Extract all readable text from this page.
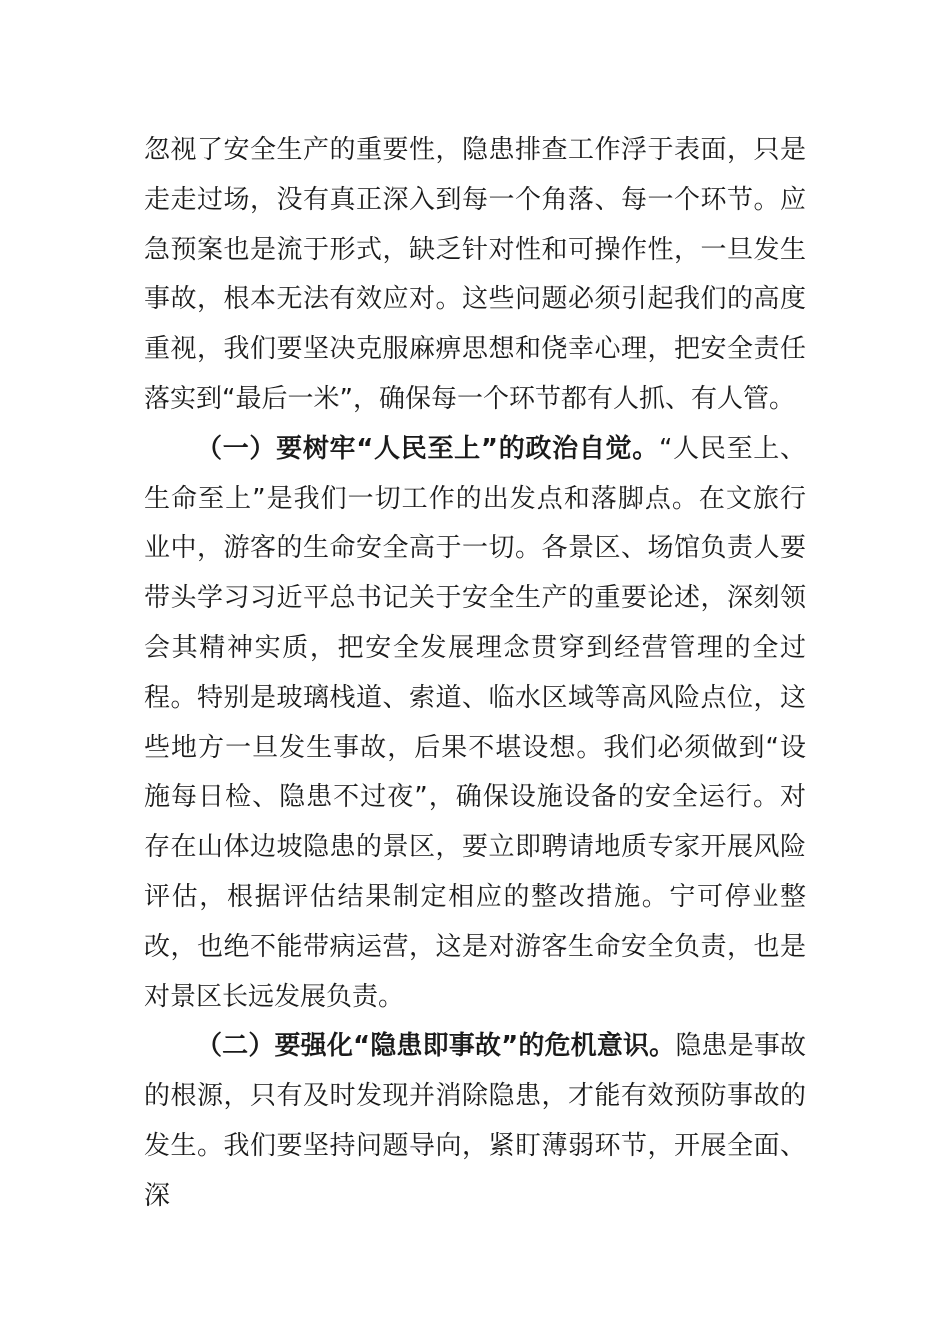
忽视了安全生产的重要性，隐患排查工作浮于表面，只是走走过场，没有真正深入到每一个角落、每一个环节。应急预案也是流于形式，缺乏针对性和可操作性，一旦发生事故，根本无法有效应对。这些问题必须引起我们的高度重视，我们要坚决克服麻痹思想和侥幸心理，把安全责任落实到“最后一米”，确保每一个环节都有人抓、有人管。

（一）要树牢“人民至上”的政治自觉。“人民至上、生命至上”是我们一切工作的出发点和落脚点。在文旅行业中，游客的生命安全高于一切。各景区、场馆负责人要带头学习习近平总书记关于安全生产的重要论述，深刻领会其精神实质，把安全发展理念贯穿到经营管理的全过程。特别是玻璃栈道、索道、临水区域等高风险点位，这些地方一旦发生事故，后果不堪设想。我们必须做到“设施每日检、隐患不过夜”，确保设施设备的安全运行。对存在山体边坡隐患的景区，要立即聘请地质专家开展风险评估，根据评估结果制定相应的整改措施。宁可停业整改，也绝不能带病运营，这是对游客生命安全负责，也是对景区长远发展负责。

（二）要强化“隐患即事故”的危机意识。隐患是事故的根源，只有及时发现并消除隐患，才能有效预防事故的发生。我们要坚持问题导向，紧盯薄弱环节，开展全面、深
